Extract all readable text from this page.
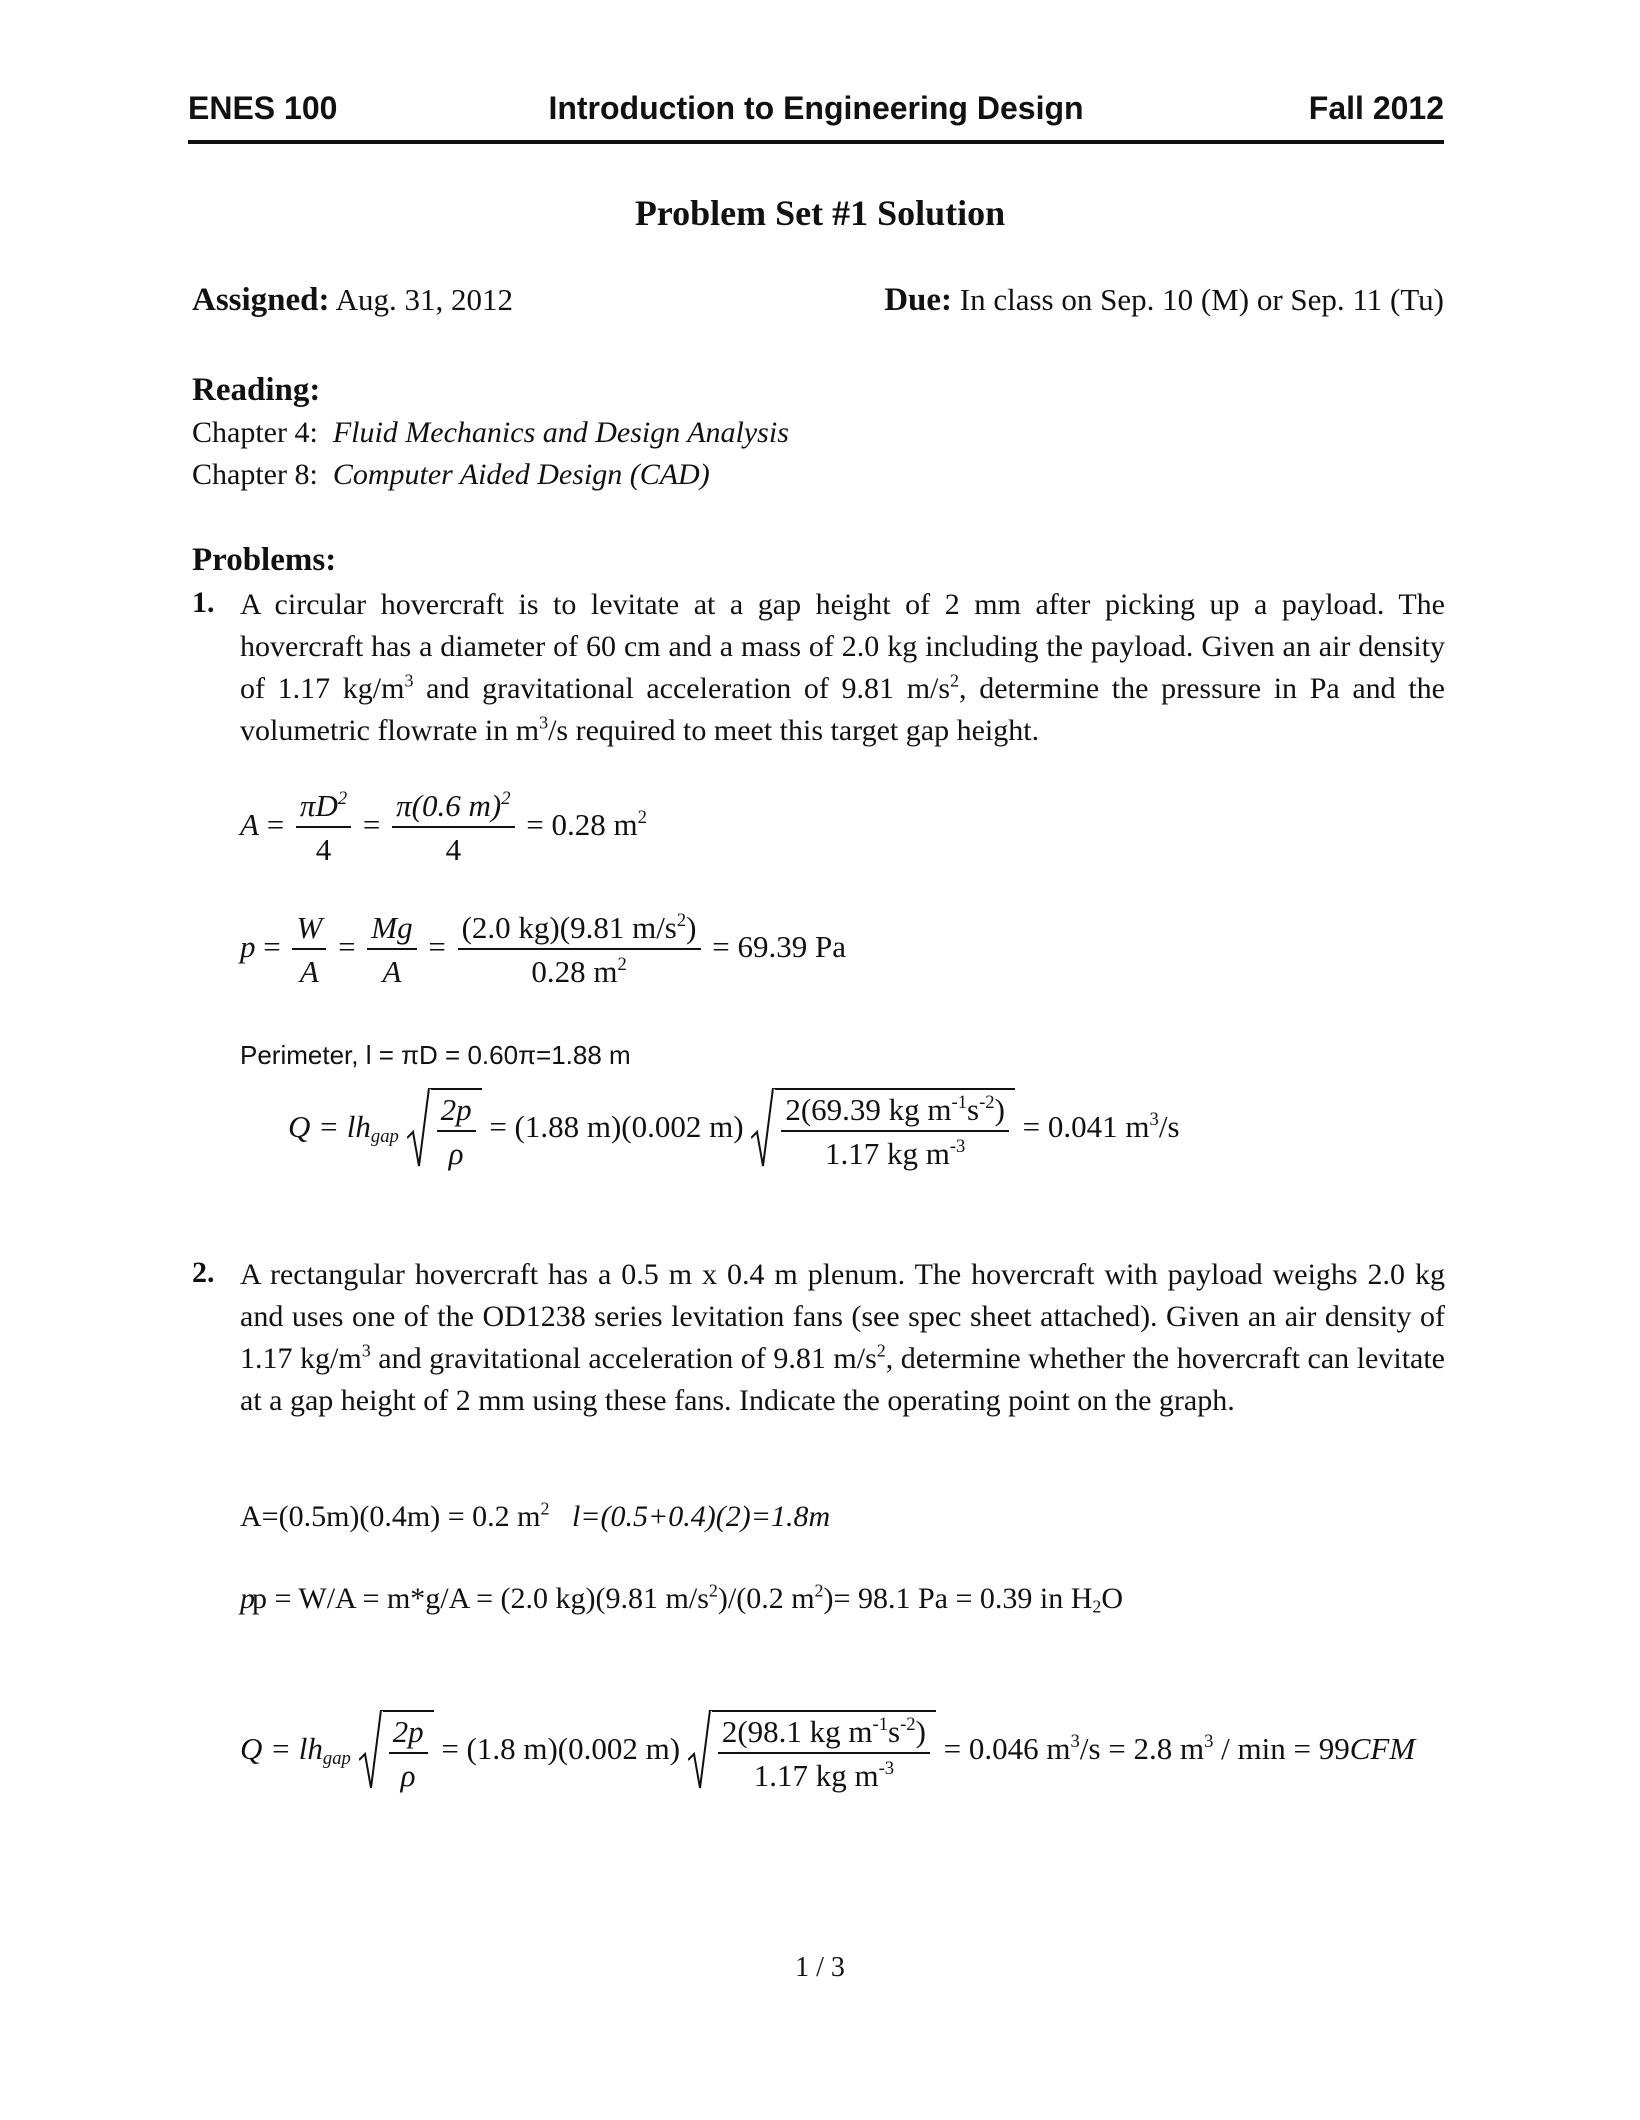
ENES 100	Introduction to Engineering Design	Fall 2012
Problem Set #1 Solution
Assigned: Aug. 31, 2012	Due: In class on Sep. 10 (M) or Sep. 11 (Tu)
Reading:
Chapter 4: Fluid Mechanics and Design Analysis
Chapter 8: Computer Aided Design (CAD)
Problems:
1. A circular hovercraft is to levitate at a gap height of 2 mm after picking up a payload. The hovercraft has a diameter of 60 cm and a mass of 2.0 kg including the payload. Given an air density of 1.17 $kg/m^3$ and gravitational acceleration of 9.81 $m/s^2$, determine the pressure in Pa and the volumetric flowrate in $m^3/s$ required to meet this target gap height.
$A = \frac{\pi D^2}{4} = \frac{\pi(0.6 m)^2}{4} = 0.28$ $m^2$
$p = \frac{W}{A} = \frac{Mg}{A} = \frac{(2.0 kg)(9.81 m/s^2)}{0.28 m^2} = 69.39$ Pa
Perimeter, l = πD = 0.60π=1.88 m
$Q = lh_{gap} \frac{2p}{\rho} = (1.88$ m)(0.002 $m) \frac{2(69.39 kg m^{-1}s^{-2})}{1.17 kg m^{-3}} = 0.041$ $m^3/s$
2. A rectangular hovercraft has a 0.5 m x 0.4 m plenum. The hovercraft with payload weighs 2.0 kg and uses one of the OD1238 series levitation fans (see spec sheet attached). Given an air density of 1.17 $kg/m^3$ and gravitational acceleration of 9.81 $m/s^2$, determine whether the hovercraft can levitate at a gap height of 2 mm using these fans. Indicate the operating point on the graph.
A=(0.5m)(0.4m) = 0.2 $m^2$ l=(0.5+0.4)(2)=1.8m
pp = W/A = m*g/A = (2.0 kg)(9.81 $m/s^2)/(0.2$ $m^2)= 98.1$ Pa = 0.39 in $H_2O$
$Q = lh_{gap} \frac{2p}{\rho} = (1.8$ m)(0.002 $m) \frac{2(98.1 kg m^{-1}s^{-2})}{1.17 kg m^{-3}} = 0.046$ $m^3/s = 2.8$ $m^3 / \min = 99CFM$
1 / 3
